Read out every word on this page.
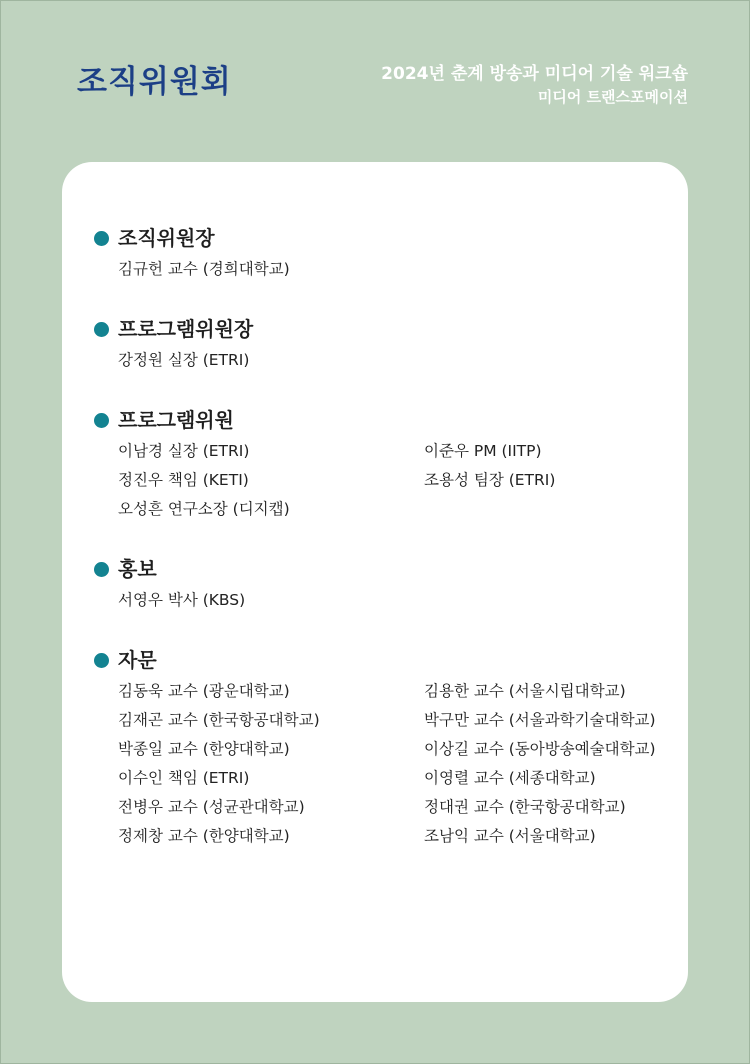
조직위원회	2024년 춘계 방송과 미디어 기술 워크숍
미디어 트랜스포메이션
조직위원장
김규헌 교수 (경희대학교)
프로그램위원장
강정원 실장 (ETRI)
프로그램위원
이남경 실장 (ETRI)	이준우 PM (IITP)
정진우 책임 (KETI)	조용성 팀장 (ETRI)
오성흔 연구소장 (디지캡)
홍보
서영우 박사 (KBS)
자문
김동욱 교수 (광운대학교)	김용한 교수 (서울시립대학교)
김재곤 교수 (한국항공대학교)	박구만 교수 (서울과학기술대학교)
박종일 교수 (한양대학교)	이상길 교수 (동아방송예술대학교)
이수인 책임 (ETRI)	이영렬 교수 (세종대학교)
전병우 교수 (성균관대학교)	정대권 교수 (한국항공대학교)
정제창 교수 (한양대학교)	조남익 교수 (서울대학교)
